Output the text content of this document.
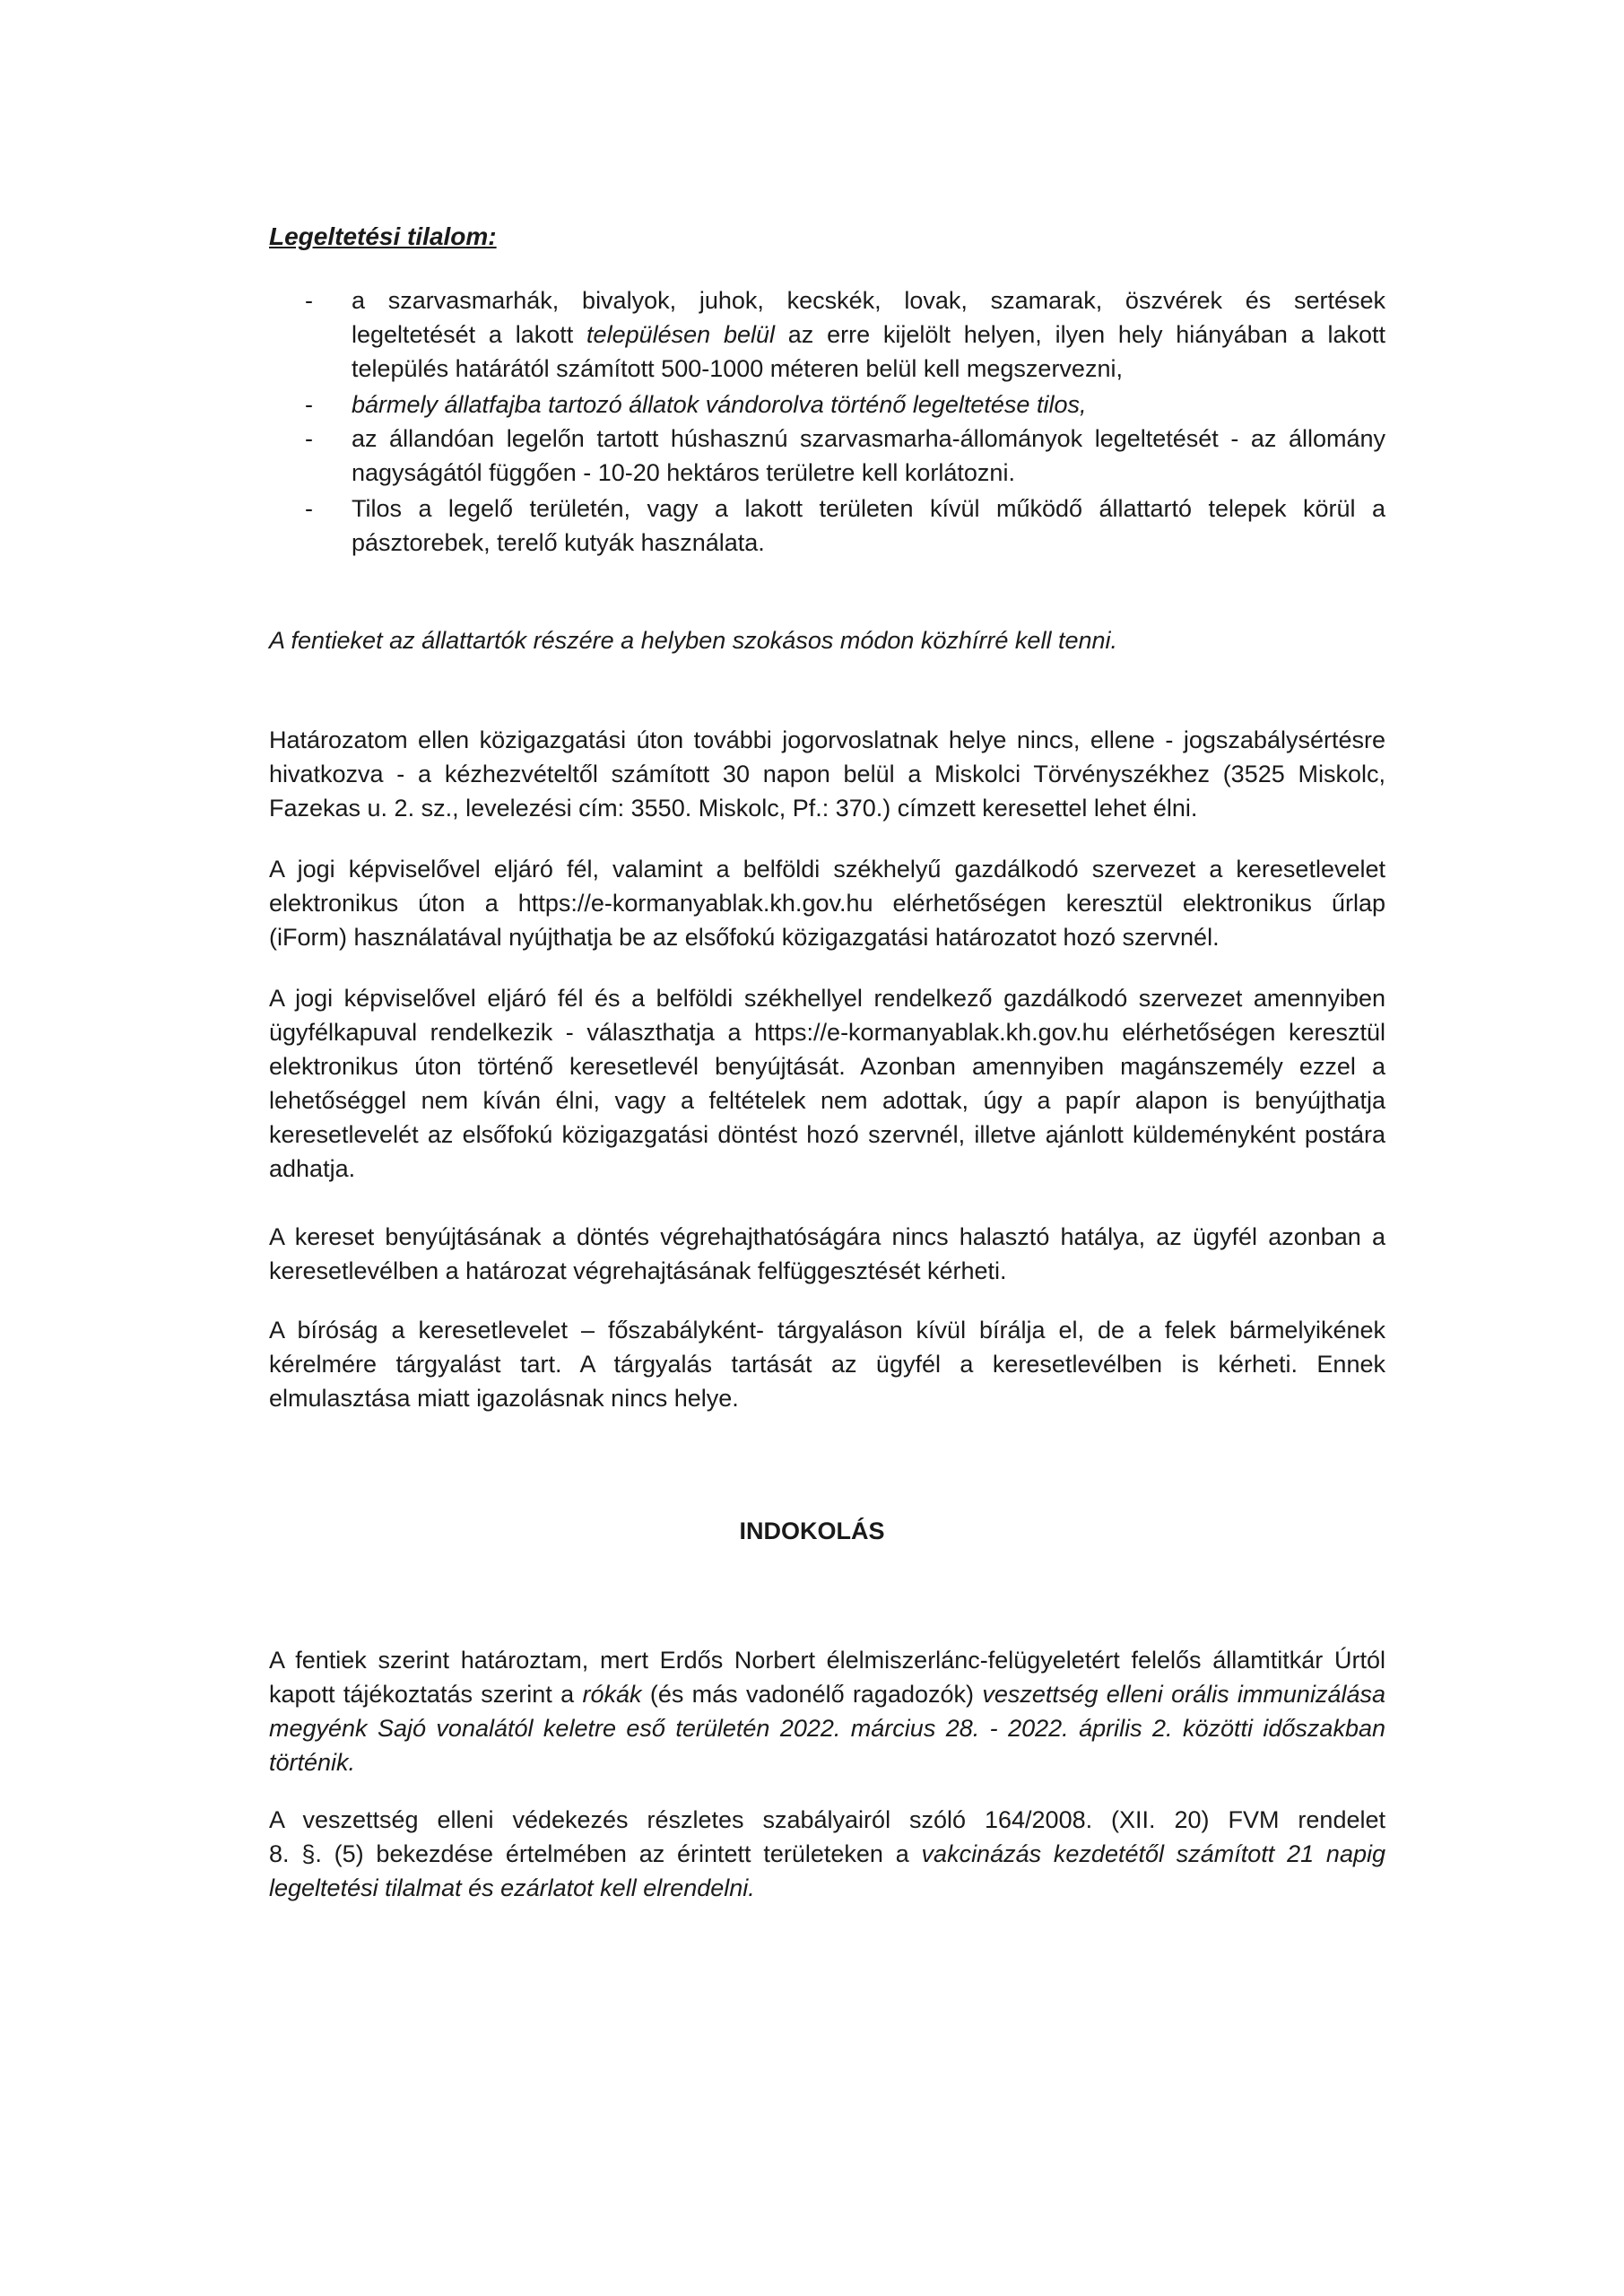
Legeltetési tilalom:
- a szarvasmarhák, bivalyok, juhok, kecskék, lovak, szamarak, öszvérek és sertések
legeltetését a lakott településen belül az erre kijelölt helyen, ilyen hely hiányában a lakott
település határától számított 500-1000 méteren belül kell megszervezni,
- bármely állatfajba tartozó állatok vándorolva történő legeltetése tilos,
- az állandóan legelőn tartott húshasznú szarvasmarha-állományok legeltetését - az állomány
nagyságától függően - 10-20 hektáros területre kell korlátozni.
- Tilos a legelő területén, vagy a lakott területen kívül működő állattartó telepek körül a
pásztorebek, terelő kutyák használata.
A fentieket az állattartók részére a helyben szokásos módon közhírré kell tenni.
Határozatom ellen közigazgatási úton további jogorvoslatnak helye nincs, ellene - jogszabálysértésre
hivatkozva - a kézhezvételtől számított 30 napon belül a Miskolci Törvényszékhez (3525 Miskolc,
Fazekas u. 2. sz., levelezési cím: 3550. Miskolc, Pf.: 370.) címzett keresettel lehet élni.
A jogi képviselővel eljáró fél, valamint a belföldi székhelyű gazdálkodó szervezet a keresetlevelet
elektronikus úton a https://e-kormanyablak.kh.gov.hu elérhetőségen keresztül elektronikus űrlap
(iForm) használatával nyújthatja be az elsőfokú közigazgatási határozatot hozó szervnél.
A jogi képviselővel eljáró fél és a belföldi székhellyel rendelkező gazdálkodó szervezet amennyiben
ügyfélkapuval rendelkezik - választhatja a https://e-kormanyablak.kh.gov.hu elérhetőségen keresztül
elektronikus úton történő keresetlevél benyújtását. Azonban amennyiben magánszemély ezzel a
lehetőséggel nem kíván élni, vagy a feltételek nem adottak, úgy a papír alapon is benyújthatja
keresetlevelét az elsőfokú közigazgatási döntést hozó szervnél, illetve ajánlott küldeményként postára
adhatja.
A kereset benyújtásának a döntés végrehajthatóságára nincs halasztó hatálya, az ügyfél azonban a
keresetlevélben a határozat végrehajtásának felfüggesztését kérheti.
A bíróság a keresetlevelet – főszabályként- tárgyaláson kívül bírálja el, de a felek bármelyikének
kérelmére tárgyalást tart. A tárgyalás tartását az ügyfél a keresetlevélben is kérheti. Ennek
elmulasztása miatt igazolásnak nincs helye.
INDOKOLÁS
A fentiek szerint határoztam, mert Erdős Norbert élelmiszerlánc-felügyeletért felelős államtitkár Úrtól
kapott tájékoztatás szerint a rókák (és más vadonélő ragadozók) veszettség elleni orális immunizálása
megyénk Sajó vonalától keletre eső területén 2022. március 28. - 2022. április 2. közötti időszakban
történik.
A veszettség elleni védekezés részletes szabályairól szóló 164/2008. (XII. 20) FVM rendelet
8. §. (5) bekezdése értelmében az érintett területeken a vakcinázás kezdetétől számított 21 napig
legeltetési tilalmat és ezárlatot kell elrendelni.
